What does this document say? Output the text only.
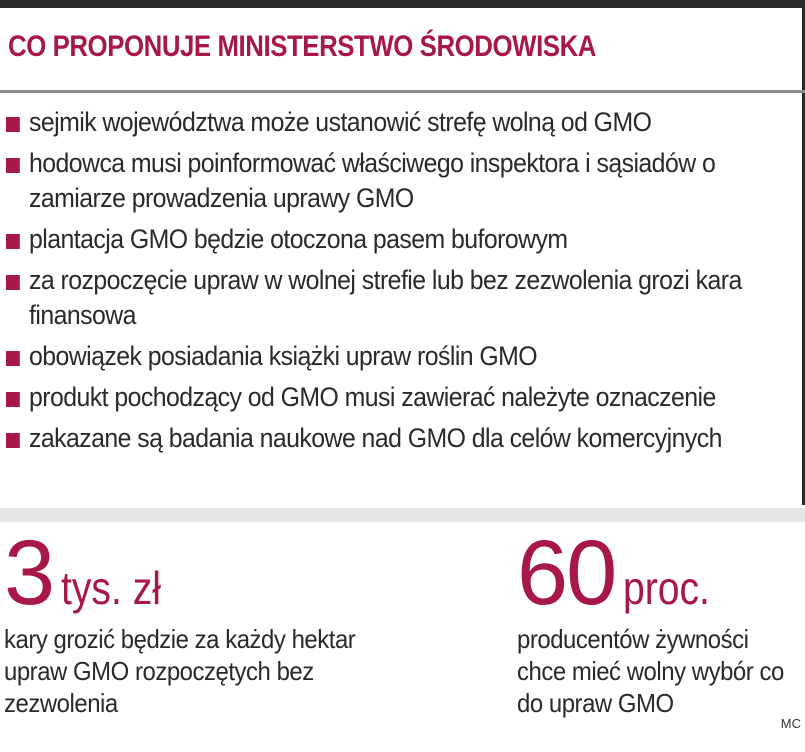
CO PROPONUJE MINISTERSTWO ŚRODOWISKA
sejmik województwa może ustanowić strefę wolną od GMO
hodowca musi poinformować właściwego inspektora i sąsiadów o zamiarze prowadzenia uprawy GMO
plantacja GMO będzie otoczona pasem buforowym
za rozpoczęcie upraw w wolnej strefie lub bez zezwolenia grozi kara finansowa
obowiązek posiadania książki upraw roślin GMO
produkt pochodzący od GMO musi zawierać należyte oznaczenie
zakazane są badania naukowe nad GMO dla celów komercyjnych
3 tys. zł
kary grozić będzie za każdy hektar upraw GMO rozpoczętych bez zezwolenia
60 proc.
producentów żywności chce mieć wolny wybór co do upraw GMO
MC
